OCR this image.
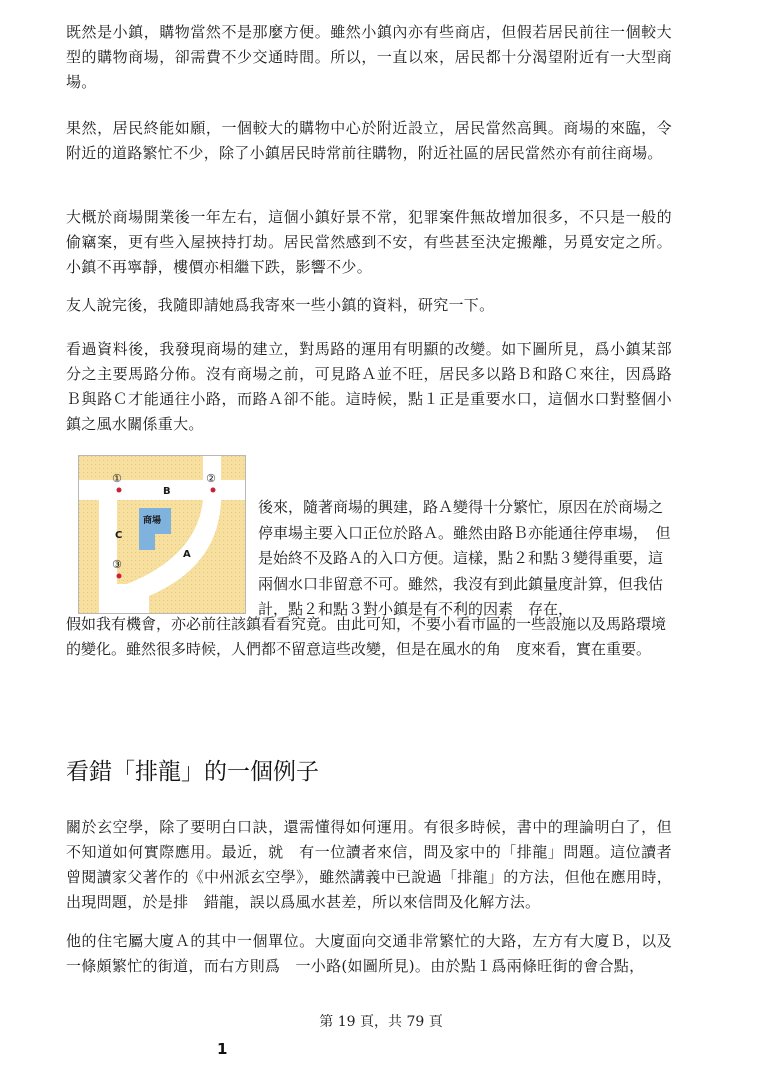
既然是小鎮，購物當然不是那麼方便。雖然小鎮內亦有些商店，但假若居民前往一個較大型的購物商場，卻需費不少交通時間。所以，一直以來，居民都十分渴望附近有一大型商場。

果然，居民終能如願，一個較大的購物中心於附近設立，居民當然高興。商場的來臨，令附近的道路繁忙不少，除了小鎮居民時常前往購物，附近社區的居民當然亦有前往商場。

大概於商場開業後一年左右，這個小鎮好景不常，犯罪案件無故增加很多，不只是一般的偷竊案，更有些入屋挾持打劫。居民當然感到不安，有些甚至決定搬離，另覓安定之所。小鎮不再寧靜，樓價亦相繼下跌，影響不少。

友人說完後，我隨即請她爲我寄來一些小鎮的資料，研究一下。

看過資料後，我發現商場的建立，對馬路的運用有明顯的改變。如下圖所見，爲小鎮某部分之主要馬路分佈。沒有商場之前，可見路Ａ並不旺，居民多以路Ｂ和路Ｃ來往，因爲路Ｂ與路Ｃ才能通往小路，而路Ａ卻不能。這時候，點１正是重要水口，這個水口對整個小鎮之風水關係重大。

商場
B
C
A
①	②
③

後來，隨著商場的興建，路Ａ變得十分繁忙，原因在於商場之停車場主要入口正位於路Ａ。雖然由路Ｂ亦能通往停車場，　但是始終不及路Ａ的入口方便。這樣，點２和點３變得重要，這兩個水口非留意不可。雖然，我沒有到此鎮量度計算，但我估計，點２和點３對小鎮是有不利的因素　存在，

假如我有機會，亦必前往該鎮看看究竟。由此可知，不要小看市區的一些設施以及馬路環境的變化。雖然很多時候，人們都不留意這些改變，但是在風水的角　度來看，實在重要。

看錯「排龍」的一個例子

關於玄空學，除了要明白口訣，還需懂得如何運用。有很多時候，書中的理論明白了，但不知道如何實際應用。最近，就　有一位讀者來信，問及家中的「排龍」問題。這位讀者曾閱讀家父著作的《中州派玄空學》，雖然講義中已說過「排龍」的方法，但他在應用時，出現問題，於是排　錯龍，誤以爲風水甚差，所以來信問及化解方法。

他的住宅屬大廈Ａ的其中一個單位。大廈面向交通非常繁忙的大路，左方有大廈Ｂ，以及一條頗繁忙的街道，而右方則爲　一小路(如圖所見)。由於點１爲兩條旺街的會合點，

第 19 頁，共 79 頁
1
